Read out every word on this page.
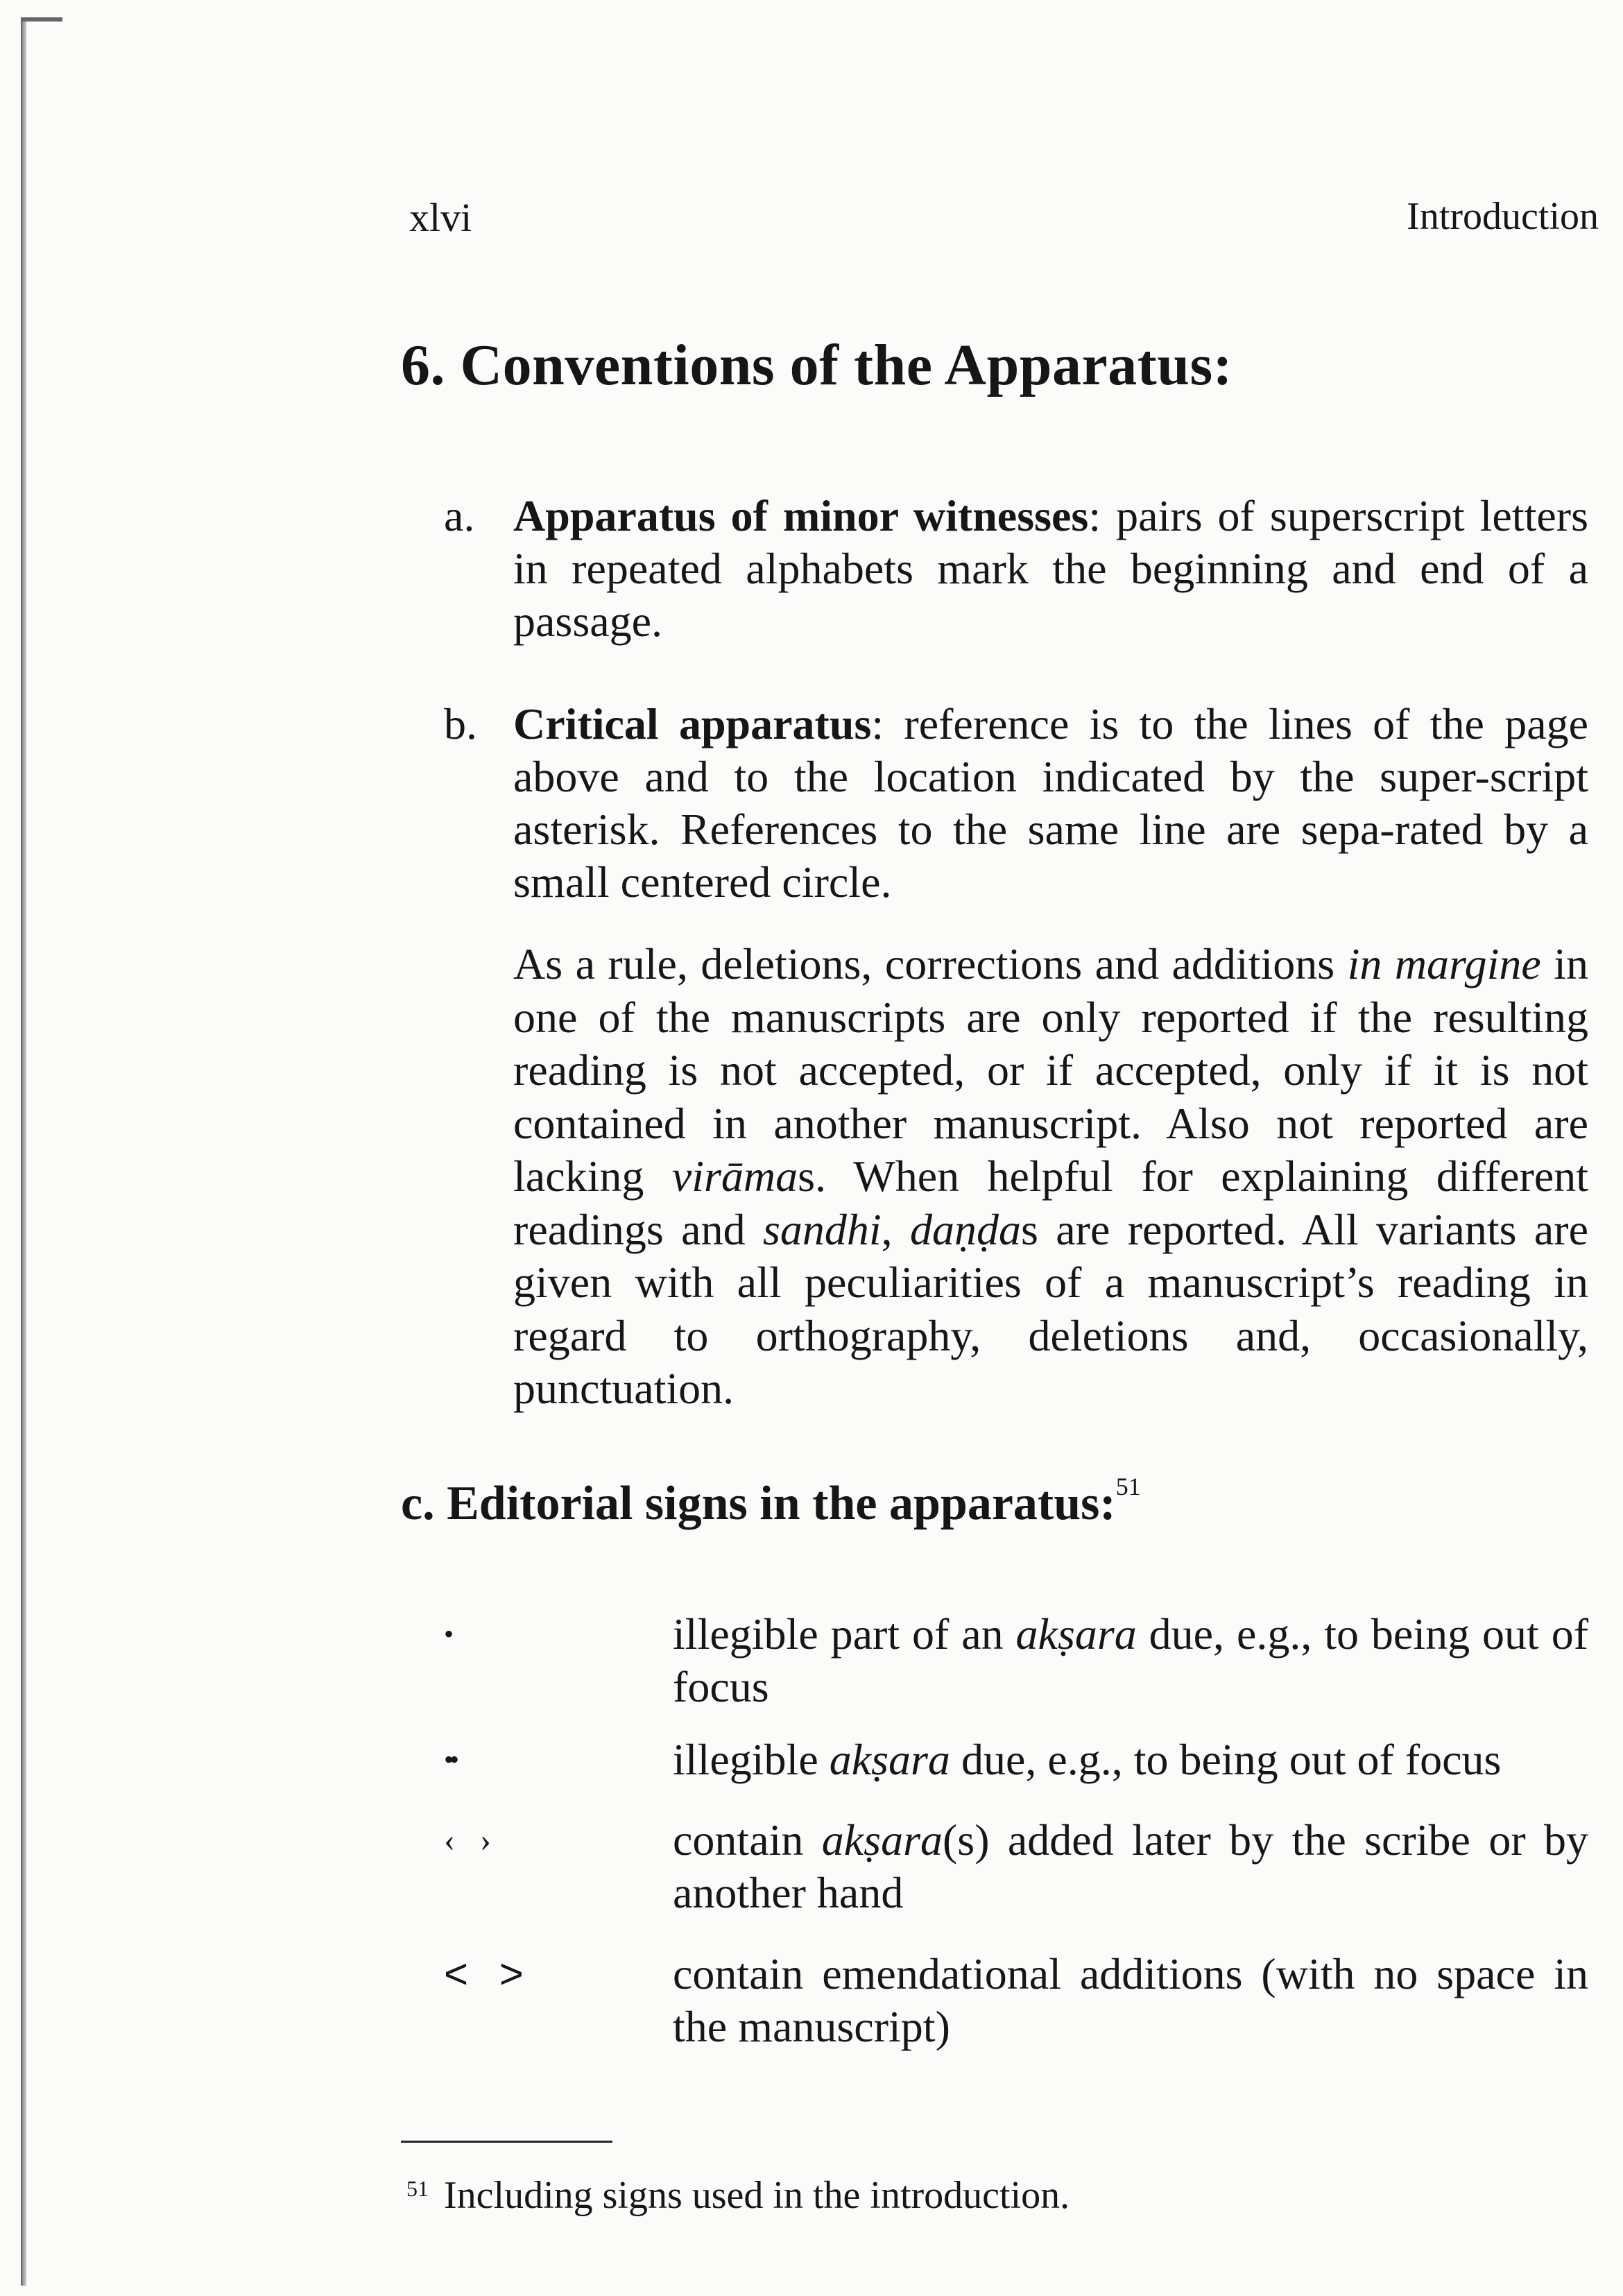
xlvi	Introduction
6. Conventions of the Apparatus:
a. Apparatus of minor witnesses: pairs of superscript letters in repeated alphabets mark the beginning and end of a passage.
b. Critical apparatus: reference is to the lines of the page above and to the location indicated by the super-script asterisk. References to the same line are sepa-rated by a small centered circle.
As a rule, deletions, corrections and additions in margine in one of the manuscripts are only reported if the resulting reading is not accepted, or if accepted, only if it is not contained in another manuscript. Also not reported are lacking virāmas. When helpful for explaining different readings and sandhi, daṇḍas are reported. All variants are given with all peculiarities of a manuscript’s reading in regard to orthography, deletions and, occasionally, punctuation.
c. Editorial signs in the apparatus:$^{51}$
•	illegible part of an akṣara due, e.g., to being out of focus
••	illegible akṣara due, e.g., to being out of focus
‹ ›	contain akṣara(s) added later by the scribe or by another hand
< >	contain emendational additions (with no space in the manuscript)
$^{51}$ Including signs used in the introduction.
